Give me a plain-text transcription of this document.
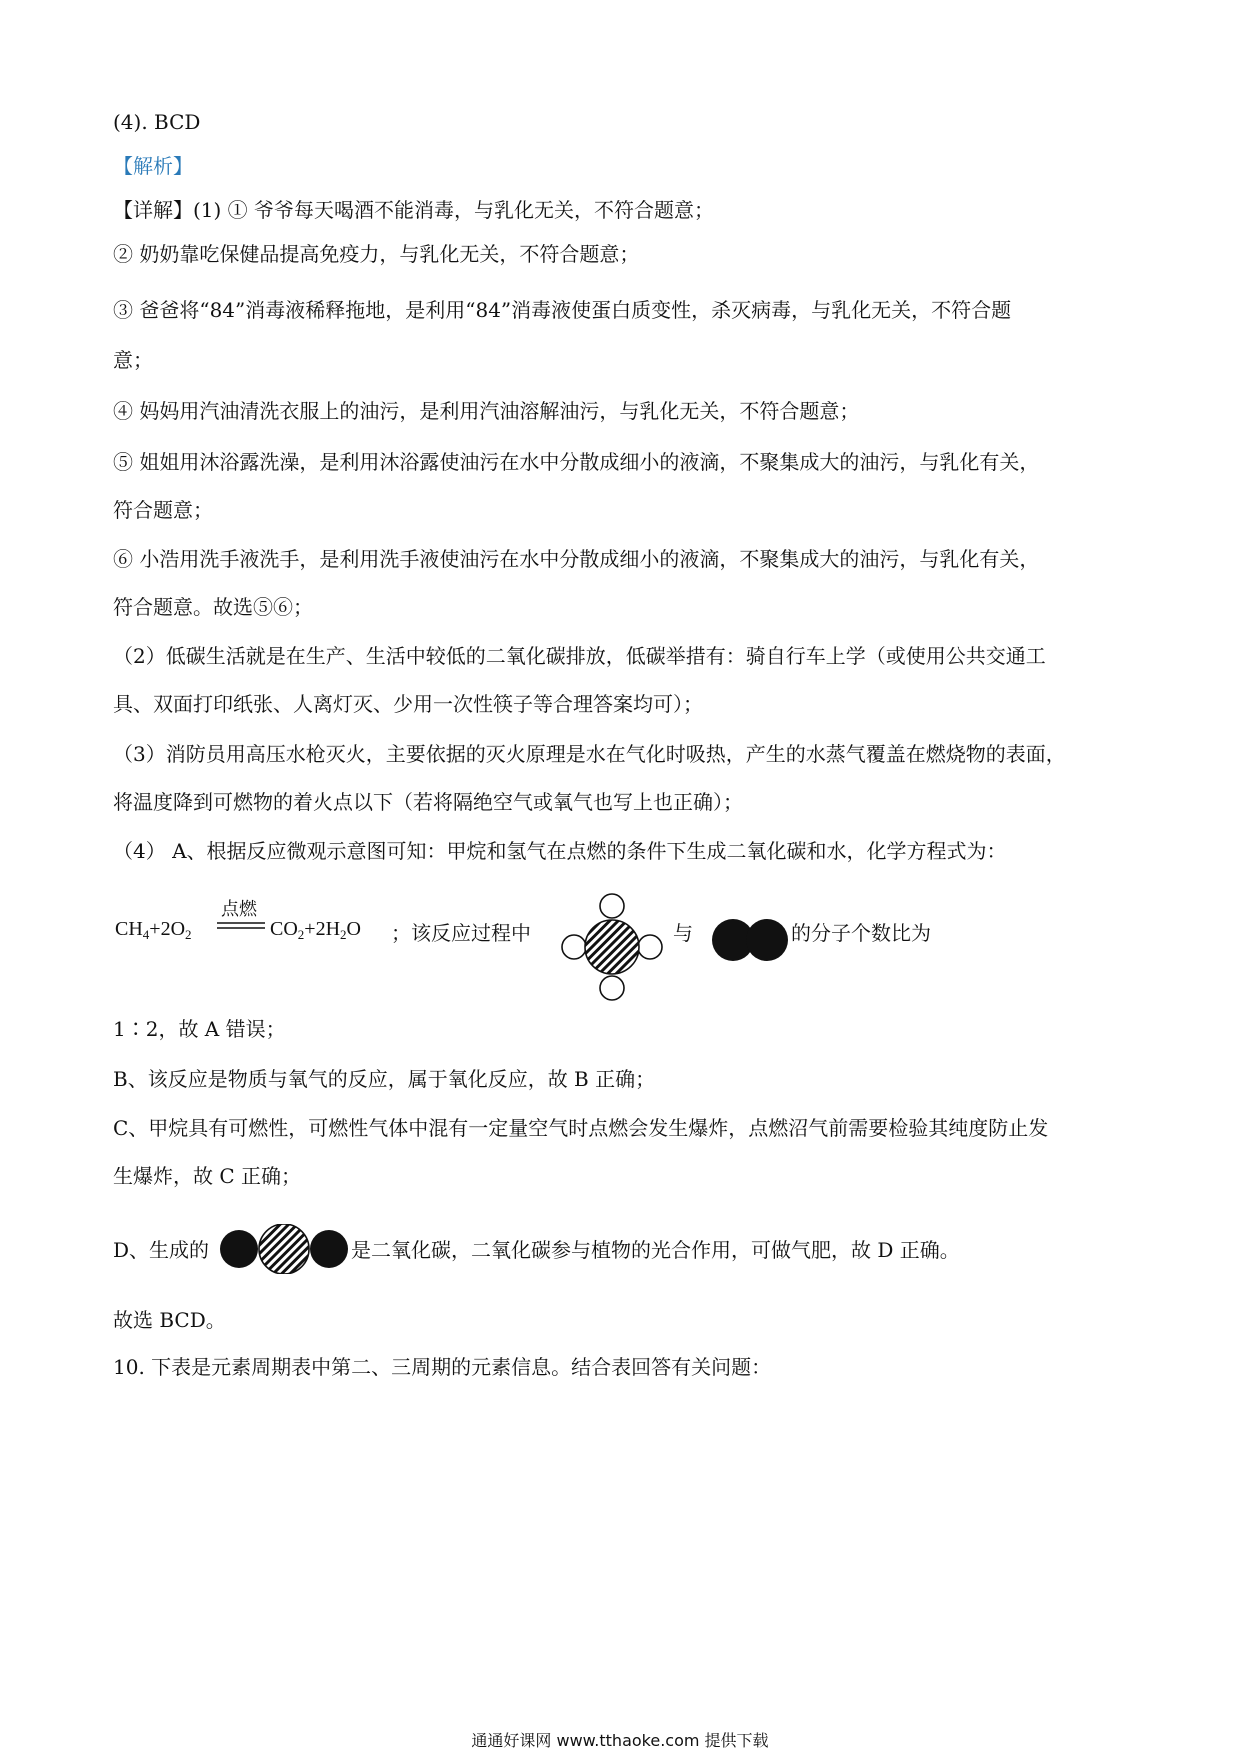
(4). BCD
【解析】
【详解】(1) ① 爷爷每天喝酒不能消毒，与乳化无关，不符合题意；
② 奶奶靠吃保健品提高免疫力，与乳化无关，不符合题意；
③ 爸爸将“84”消毒液稀释拖地，是利用“84”消毒液使蛋白质变性，杀灭病毒，与乳化无关，不符合题
意；
④ 妈妈用汽油清洗衣服上的油污，是利用汽油溶解油污，与乳化无关，不符合题意；
⑤ 姐姐用沐浴露洗澡，是利用沐浴露使油污在水中分散成细小的液滴，不聚集成大的油污，与乳化有关，
符合题意；
⑥ 小浩用洗手液洗手，是利用洗手液使油污在水中分散成细小的液滴，不聚集成大的油污，与乳化有关，
符合题意。故选⑤⑥；
（2）低碳生活就是在生产、生活中较低的二氧化碳排放，低碳举措有：骑自行车上学（或使用公共交通工
具、双面打印纸张、人离灯灭、少用一次性筷子等合理答案均可）；
（3）消防员用高压水枪灭火，主要依据的灭火原理是水在气化时吸热，产生的水蒸气覆盖在燃烧物的表面，
将温度降到可燃物的着火点以下（若将隔绝空气或氧气也写上也正确）；
（4） A、根据反应微观示意图可知：甲烷和氢气在点燃的条件下生成二氧化碳和水，化学方程式为：
$CH_4+2O_2$
点燃
$CO_2+2H_2O$ ；该反应过程中	与	的分子个数比为
1∶2，故 A 错误；
B、该反应是物质与氧气的反应，属于氧化反应，故 B 正确；
C、甲烷具有可燃性，可燃性气体中混有一定量空气时点燃会发生爆炸，点燃沼气前需要检验其纯度防止发
生爆炸，故 C 正确；
D、生成的	是二氧化碳，二氧化碳参与植物的光合作用，可做气肥，故 D 正确。
故选 BCD。
10. 下表是元素周期表中第二、三周期的元素信息。结合表回答有关问题：
通通好课网 www.tthaoke.com 提供下载
